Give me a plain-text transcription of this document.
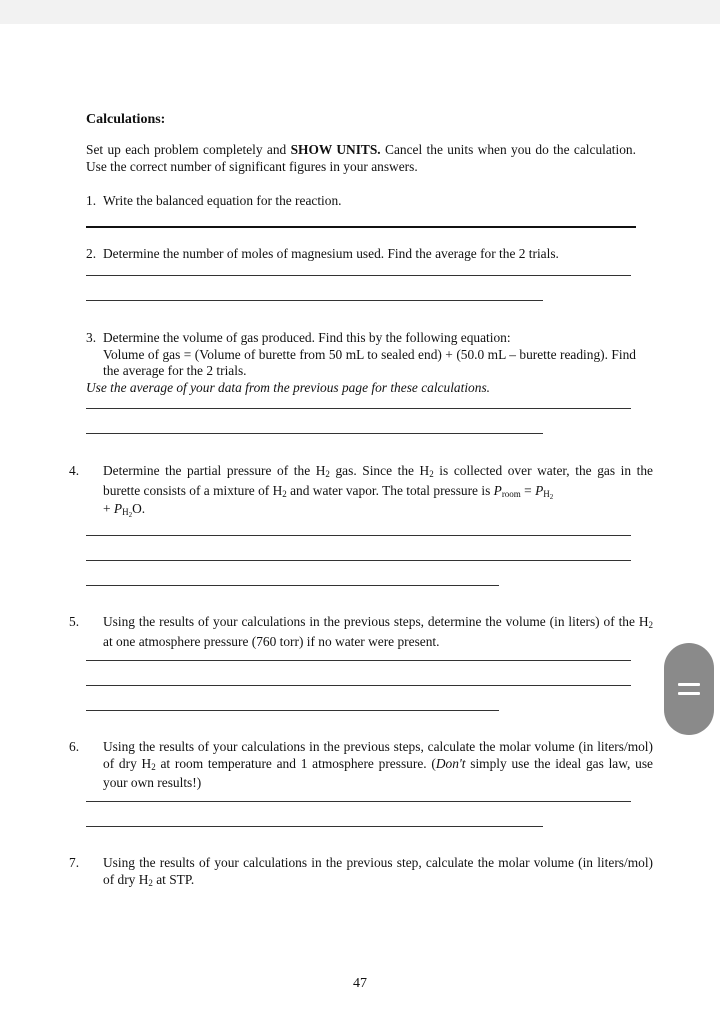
Calculations:
Set up each problem completely and SHOW UNITS. Cancel the units when you do the calculation. Use the correct number of significant figures in your answers.
1. Write the balanced equation for the reaction.
2. Determine the number of moles of magnesium used. Find the average for the 2 trials.
3. Determine the volume of gas produced. Find this by the following equation:
Volume of gas = (Volume of burette from 50 mL to sealed end) + (50.0 mL – burette reading). Find the average for the 2 trials.
Use the average of your data from the previous page for these calculations.
4. Determine the partial pressure of the $H_2$ gas. Since the $H_2$ is collected over water, the gas in the burette consists of a mixture of $H_2$ and water vapor. The total pressure is $P_{room} = P_{H2}$
+ $P_{H2}O$.
5. Using the results of your calculations in the previous steps, determine the volume (in liters) of the $H_2$ at one atmosphere pressure (760 torr) if no water were present.
6. Using the results of your calculations in the previous steps, calculate the molar volume (in liters/mol) of dry $H_2$ at room temperature and 1 atmosphere pressure. (Don't simply use the ideal gas law, use your own results!)
7. Using the results of your calculations in the previous step, calculate the molar volume (in liters/mol) of dry $H_2$ at STP.
47
